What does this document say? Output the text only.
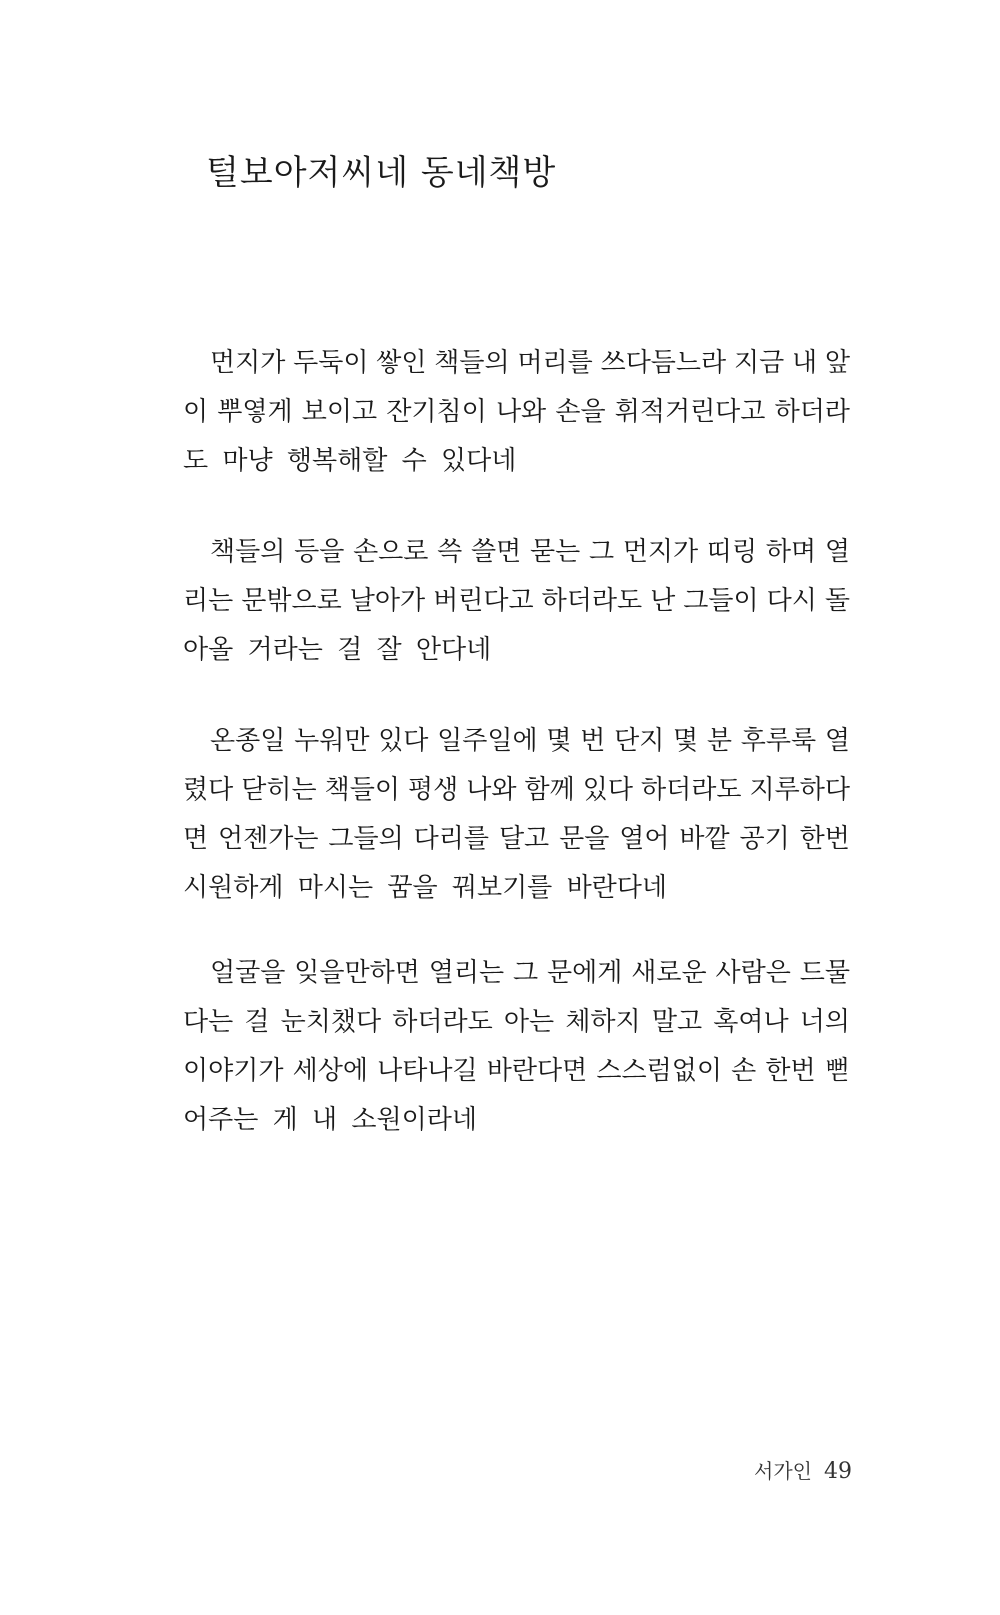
털보아저씨네 동네책방
먼지가 두둑이 쌓인 책들의 머리를 쓰다듬느라 지금 내 앞
이 뿌옇게 보이고 잔기침이 나와 손을 휘적거린다고 하더라
도 마냥 행복해할 수 있다네
책들의 등을 손으로 쓱 쓸면 묻는 그 먼지가 띠링 하며 열
리는 문밖으로 날아가 버린다고 하더라도 난 그들이 다시 돌
아올 거라는 걸 잘 안다네
온종일 누워만 있다 일주일에 몇 번 단지 몇 분 후루룩 열
렸다 닫히는 책들이 평생 나와 함께 있다 하더라도 지루하다
면 언젠가는 그들의 다리를 달고 문을 열어 바깥 공기 한번
시원하게 마시는 꿈을 꿔보기를 바란다네
얼굴을 잊을만하면 열리는 그 문에게 새로운 사람은 드물
다는 걸 눈치챘다 하더라도 아는 체하지 말고 혹여나 너의
이야기가 세상에 나타나길 바란다면 스스럼없이 손 한번 뻗
어주는 게 내 소원이라네
서가인 49
